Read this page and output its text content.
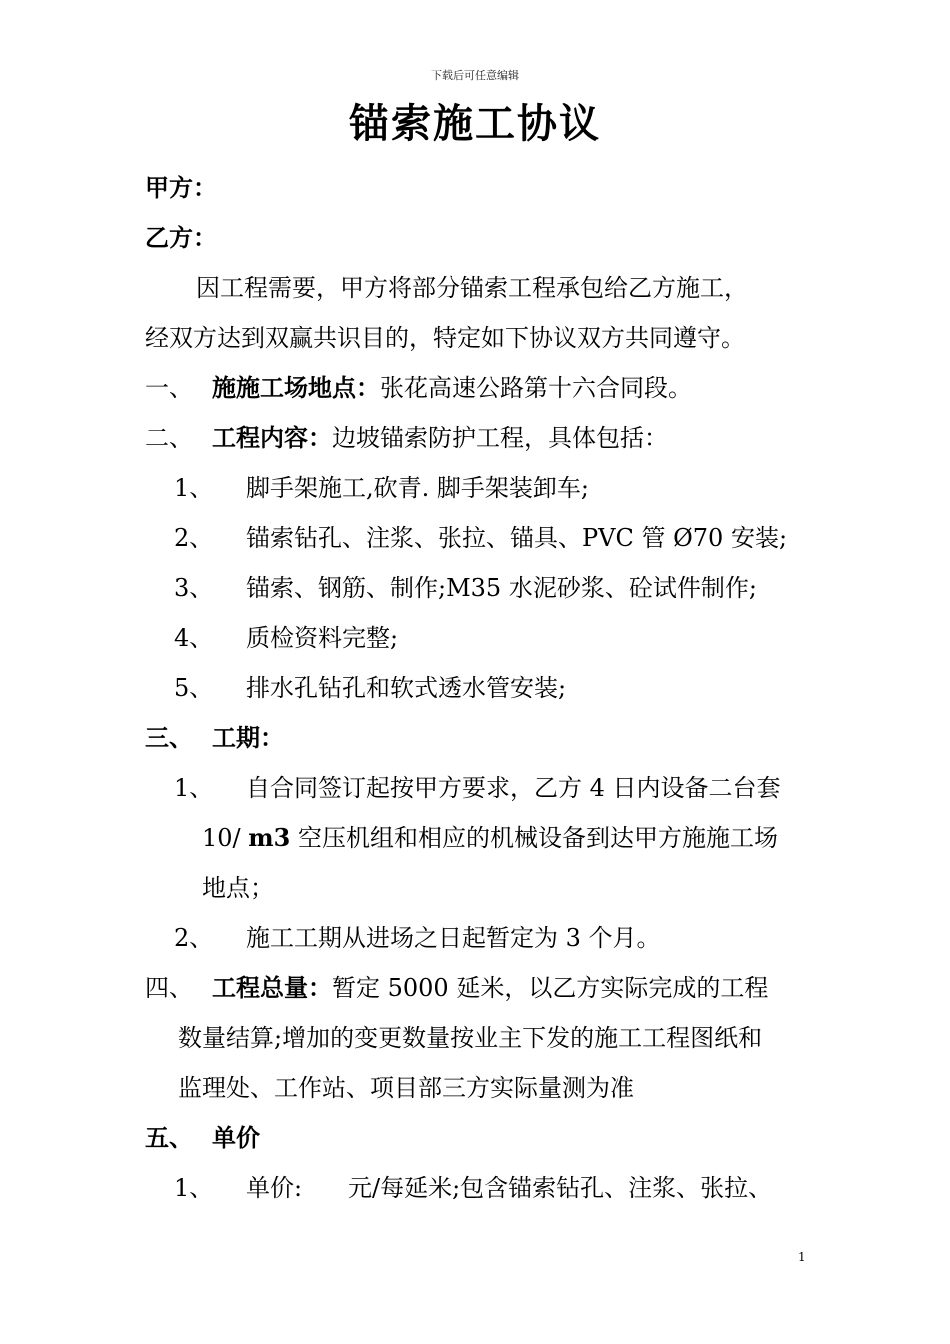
下载后可任意编辑
锚索施工协议
甲方：
乙方：
因工程需要，甲方将部分锚索工程承包给乙方施工，
经双方达到双赢共识目的，特定如下协议双方共同遵守。
一、 施施工场地点：张花高速公路第十六合同段。
二、 工程内容：边坡锚索防护工程，具体包括：
1、 脚手架施工,砍青. 脚手架装卸车;
2、 锚索钻孔、注浆、张拉、锚具、PVC 管 Ø70 安装;
3、 锚索、钢筋、制作;M35 水泥砂浆、砼试件制作;
4、 质检资料完整;
5、 排水孔钻孔和软式透水管安装;
三、 工期：
1、 自合同签订起按甲方要求，乙方 4 日内设备二台套
10/ m3 空压机组和相应的机械设备到达甲方施施工场
地点；
2、 施工工期从进场之日起暂定为 3 个月。
四、 工程总量：暂定 5000 延米，以乙方实际完成的工程
数量结算;增加的变更数量按业主下发的施工工程图纸和
监理处、工作站、项目部三方实际量测为准
五、 单价
1、 单价: 元/每延米;包含锚索钻孔、注浆、张拉、
1
